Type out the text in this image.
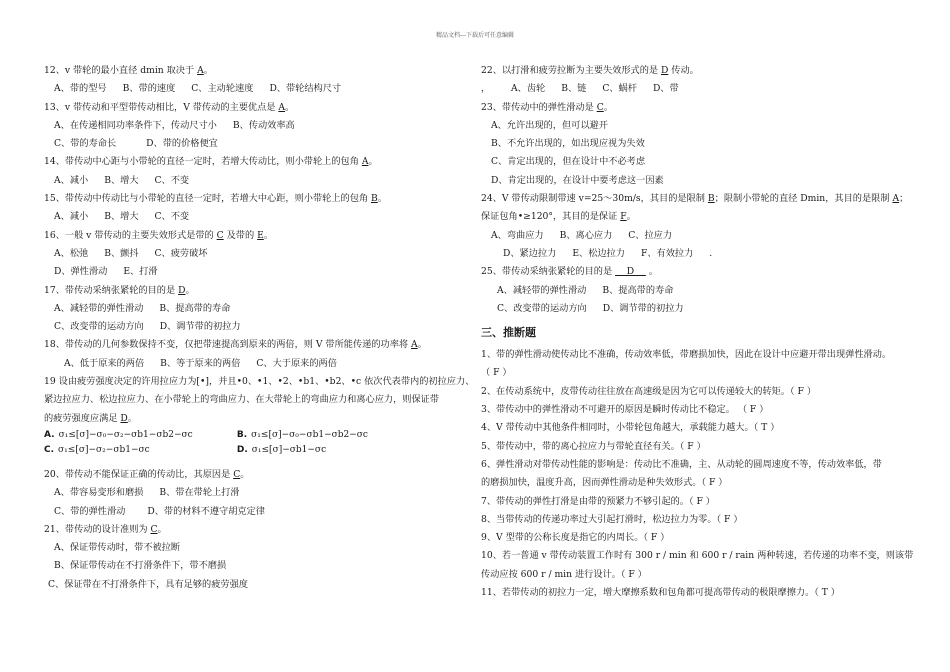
精品文档---下载后可任意编辑
12、v 带轮的最小直径 dmin 取决于 A。
A、带的型号 B、带的速度 C、主动轮速度 D、带轮结构尺寸
13、v 带传动和平型带传动相比，V 带传动的主要优点是 A。
A、在传递相同功率条件下，传动尺寸小 B、传动效率高
C、带的寿命长	D、带的价格便宜
14、带传动中心距与小带轮的直径一定时，若增大传动比，则小带轮上的包角 A。
A、减小 B、增大 C、不变
15、带传动中传动比与小带轮的直径一定时，若增大中心距，则小带轮上的包角 B。
A、减小 B、增大 C、不变
16、一般 v 带传动的主要失效形式是带的 C 及带的 E。
A、松弛 B、颤抖 C、疲劳破坏
D、弹性滑动 E、打滑
17、带传动采纳张紧轮的目的是 D。
A、减轻带的弹性滑动 B、提高带的寿命
C、改变带的运动方向 D、调节带的初拉力
18、带传动的几何参数保持不变，仅把带速提高到原来的两倍，则 V 带所能传递的功率将 A。
A、低于原来的两倍 B、等于原来的两倍 C、大于原来的两倍
19 设由疲劳强度决定的许用拉应力为[•]，并且•0、•1、•2、•b1、•b2、•c 依次代表带内的初拉应力、
紧边拉应力、松边拉应力、在小带轮上的弯曲应力、在大带轮上的弯曲应力和离心应力，则保证带
的疲劳强度应满足 D。
A. σ₁≤[σ]−σ₀−σ₂−σb1−σb2−σc	B. σ₁≤[σ]−σ₀−σb1−σb2−σc
C. σ₁≤[σ]−σ₂−σb1−σc	D. σ₁≤[σ]−σb1−σc
20、带传动不能保证正确的传动比，其原因是 C。
A、带容易变形和磨损 B、带在带轮上打滑
C、带的弹性滑动 D、带的材料不遵守胡克定律
21、带传动的设计准则为 C。
A、保证带传动时，带不被拉断
B、保证带传动在不打滑条件下，带不磨损
C、保证带在不打滑条件下，具有足够的疲劳强度
22、以打滑和疲劳拉断为主要失效形式的是 D 传动。
， A、齿轮 B、链 C、蜗杆 D、带
23、带传动中的弹性滑动是 C。
A、允许出现的，但可以避开
B、不允许出现的，如出现应视为失效
C、肯定出现的，但在设计中不必考虑
D、肯定出现的，在设计中要考虑这一因素
24、V 带传动限制带速 v=25～30m/s，其目的是限制 B；限制小带轮的直径 Dmin，其目的是限制 A；
保证包角•≥120°，其目的是保证 F。
A、弯曲应力 B、离心应力 C、拉应力
D、紧边拉力 E、松边拉力 F、有效拉力 .
25、带传动采纳张紧轮的目的是     D     。
A、减轻带的弹性滑动 B、提高带的寿命
C、改变带的运动方向 D、调节带的初拉力
三、推断题
1、带的弹性滑动使传动比不准确，传动效率低，带磨损加快，因此在设计中应避开带出现弹性滑动。
（ F ）
2、在传动系统中，皮带传动往往放在高速级是因为它可以传递较大的转矩。（ F ）
3、带传动中的弹性滑动不可避开的原因是瞬时传动比不稳定。 （ F ）
4、V 带传动中其他条件相同时，小带轮包角越大，承载能力越大。（ T ）
5、带传动中，带的离心拉应力与带轮直径有关。（ F ）
6、弹性滑动对带传动性能的影响是：传动比不准确，主、从动轮的圆周速度不等，传动效率低，带
的磨损加快，温度升高，因而弹性滑动是种失效形式。（ F ）
7、带传动的弹性打滑是由带的预紧力不够引起的。（ F ）
8、当带传动的传递功率过大引起打滑时，松边拉力为零。（ F ）
9、V 型带的公称长度是指它的内周长。（ F ）
10、若一普通 v 带传动装置工作时有 300 r / min 和 600 r / rain 两种转速，若传递的功率不变，则该带
传动应按 600 r / min 进行设计。（ F ）
11、若带传动的初拉力一定，增大摩擦系数和包角都可提高带传动的极限摩擦力。（ T ）
